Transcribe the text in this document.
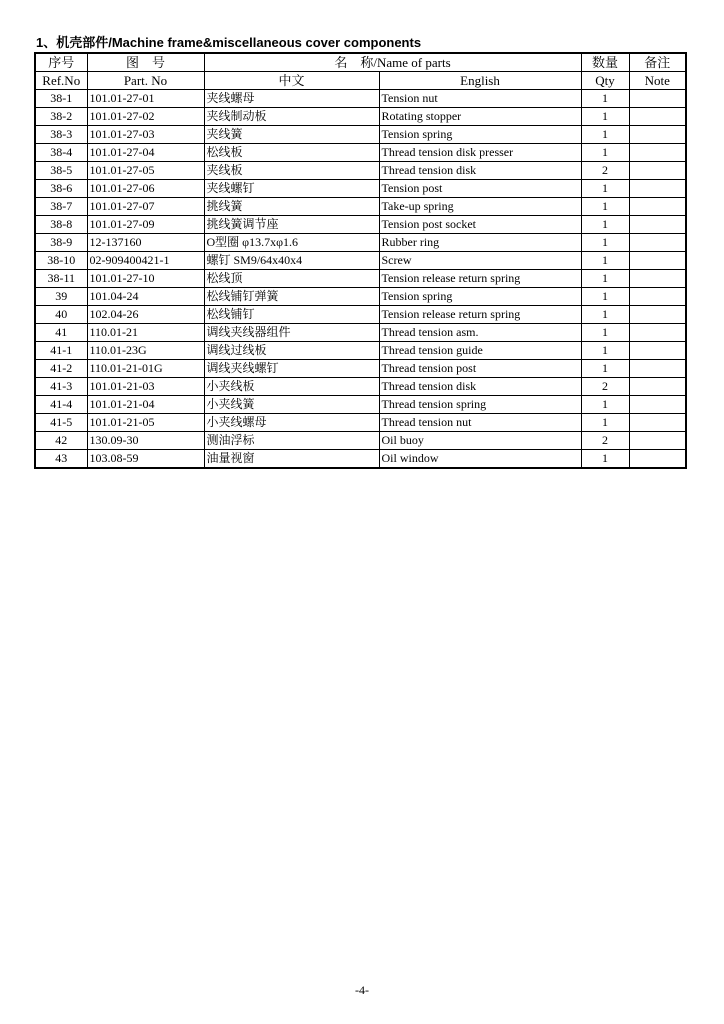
1、机壳部件/Machine frame&miscellaneous cover components
序号	图　号	名　称/Name of parts		数量	备注
Ref.No	Part. No	中文	English	Qty	Note
38-1	101.01-27-01	夹线螺母	Tension nut	1	
38-2	101.01-27-02	夹线制动板	Rotating stopper	1	
38-3	101.01-27-03	夹线簧	Tension spring	1	
38-4	101.01-27-04	松线板	Thread tension disk presser	1	
38-5	101.01-27-05	夹线板	Thread tension disk	2	
38-6	101.01-27-06	夹线螺钉	Tension post	1	
38-7	101.01-27-07	挑线簧	Take-up spring	1	
38-8	101.01-27-09	挑线簧调节座	Tension post socket	1	
38-9	12-137160	O型圈 φ13.7xφ1.6	Rubber ring	1	
38-10	02-909400421-1	螺钉 SM9/64x40x4	Screw	1	
38-11	101.01-27-10	松线顶	Tension release return spring	1	
39	101.04-24	松线铺钉弹簧	Tension spring	1	
40	102.04-26	松线铺钉	Tension release return spring	1	
41	110.01-21	调线夹线器组件	Thread tension asm.	1	
41-1	110.01-23G	调线过线板	Thread tension guide	1	
41-2	110.01-21-01G	调线夹线螺钉	Thread tension post	1	
41-3	101.01-21-03	小夹线板	Thread tension disk	2	
41-4	101.01-21-04	小夹线簧	Thread tension spring	1	
41-5	101.01-21-05	小夹线螺母	Thread tension nut	1	
42	130.09-30	测油浮标	Oil buoy	2	
43	103.08-59	油量视窗	Oil window	1	
-4-
